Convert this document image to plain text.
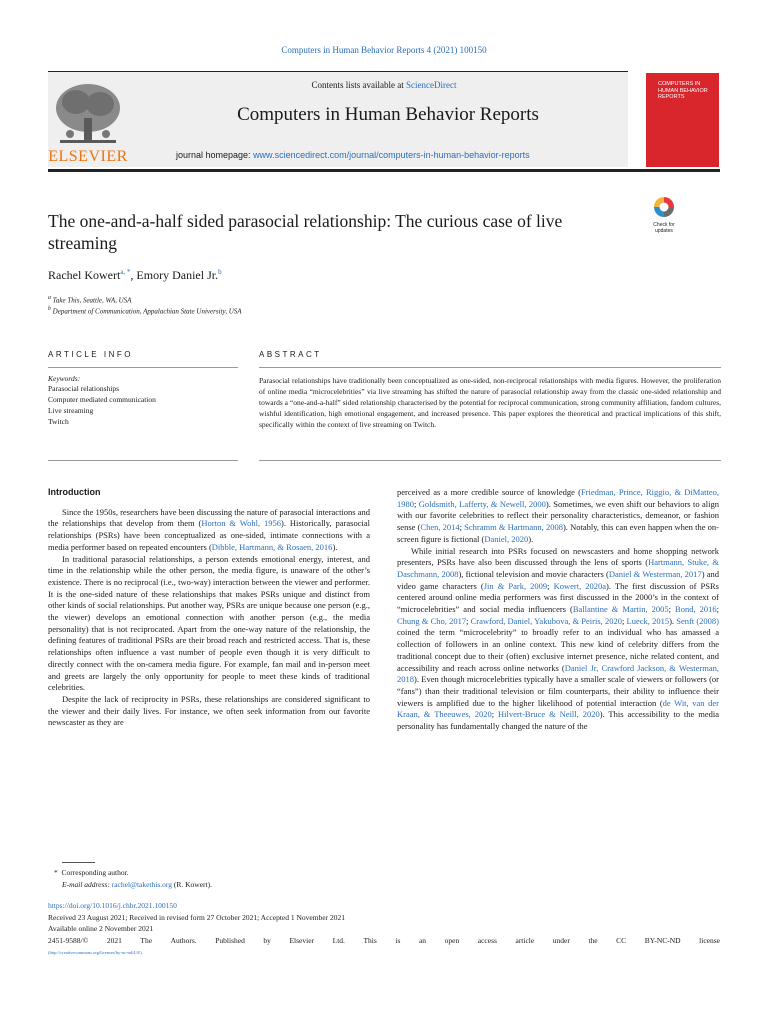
Computers in Human Behavior Reports 4 (2021) 100150
ELSEVIER
Contents lists available at ScienceDirect
Computers in Human Behavior Reports
journal homepage: www.sciencedirect.com/journal/computers-in-human-behavior-reports
COMPUTERS IN
HUMAN BEHAVIOR
REPORTS
Check for updates
The one-and-a-half sided parasocial relationship: The curious case of live streaming
Rachel Kowert$^{a, *}$, Emory Daniel Jr.$^b$
$^a$ Take This, Seattle, WA, USA
$^b$ Department of Communication, Appalachian State University, USA
ARTICLE INFO	ABSTRACT
Keywords:
Parasocial relationships
Computer mediated communication
Live streaming
Twitch
Parasocial relationships have traditionally been conceptualized as one-sided, non-reciprocal relationships with media figures. However, the proliferation of online media “microcelebrities” via live streaming has shifted the nature of parasocial relationship away from the classic one-sided relationship and towards a “one-and-a-half” sided relationship characterised by the potential for reciprocal communication, strong community affiliation, fandom cultures, wishful identification, high emotional engagement, and increased presence. This paper explores the theoretical and practical implications of this shift, specifically within the context of live streaming on Twitch.

Introduction

Since the 1950s, researchers have been discussing the nature of parasocial interactions and the relationships that develop from them (Horton & Wohl, 1956). Historically, parasocial relationships (PSRs) have been conceptualized as one-sided, intimate connections with a media performer based on repeated encounters (Dibble, Hartmann, & Rosaen, 2016).

In traditional parasocial relationships, a person extends emotional energy, interest, and time in the relationship while the other person, the media figure, is unaware of the other’s existence. There is no reciprocal (i.e., two-way) interaction between the viewer and performer. It is the one-sided nature of these relationships that makes PSRs unique and distinct from other kinds of social relationships. Put another way, PSRs are unique because one person (e.g., the viewer) develops an emotional connection with another person (e.g., the media personality) that is not reciprocated. Apart from the one-way nature of the relationship, the defining features of traditional PSRs are their broad reach and restricted access. That is, these relationships often influence a vast number of people even though it is very difficult to directly connect with the on-camera media figure. For example, fan mail and in-person meet and greets are largely the only opportunity for people to meet these kinds of traditional celebrities.

Despite the lack of reciprocity in PSRs, these relationships are considered significant to the viewer and their daily lives. For instance, we often seek information from our favorite newscaster as they are

perceived as a more credible source of knowledge (Friedman, Prince, Riggio, & DiMatteo, 1980; Goldsmith, Lafferty, & Newell, 2000). Sometimes, we even shift our behaviors to align with our favorite celebrities to reflect their personality characteristics, demeanor, or fashion sense (Chen, 2014; Schramm & Hartmann, 2008). Notably, this can even happen when the on-screen figure is fictional (Daniel, 2020).

While initial research into PSRs focused on newscasters and home shopping network presenters, PSRs have also been discussed through the lens of sports (Hartmann, Stuke, & Daschmann, 2008), fictional television and movie characters (Daniel & Westerman, 2017) and video game characters (Jin & Park, 2009; Kowert, 2020a). The first discussion of PSRs centered around online media performers was first discussed in the 2000’s in the context of “microcelebrities” and social media influencers (Ballantine & Martin, 2005; Bond, 2016; Chung & Cho, 2017; Crawford, Daniel, Yakubova, & Peiris, 2020; Lueck, 2015). Senft (2008) coined the term “microcelebrity” to broadly refer to an individual who has amassed a collection of followers in an online context. This new kind of celebrity differs from the traditional concept due to their (often) exclusive internet presence, niche related content, and accessibility and reach across online networks (Daniel Jr, Crawford Jackson, & Westerman, 2018). Even though microcelebrities typically have a smaller scale of viewers or followers (or “fans”) than their traditional television or film counterparts, their ability to influence their viewers is amplified due to the higher likelihood of potential interaction (de Wit, van der Kraan, & Theeuwes, 2020; Hilvert-Bruce & Neill, 2020). This accessibility to the media personality has fundamentally changed the nature of the

* Corresponding author.
E-mail address: rachel@takethis.org (R. Kowert).
https://doi.org/10.1016/j.chbr.2021.100150
Received 23 August 2021; Received in revised form 27 October 2021; Accepted 1 November 2021
Available online 2 November 2021
2451-9588/© 2021 The Authors. Published by Elsevier Ltd. This is an open access article under the CC BY-NC-ND license
(http://creativecommons.org/licenses/by-nc-nd/4.0/).
